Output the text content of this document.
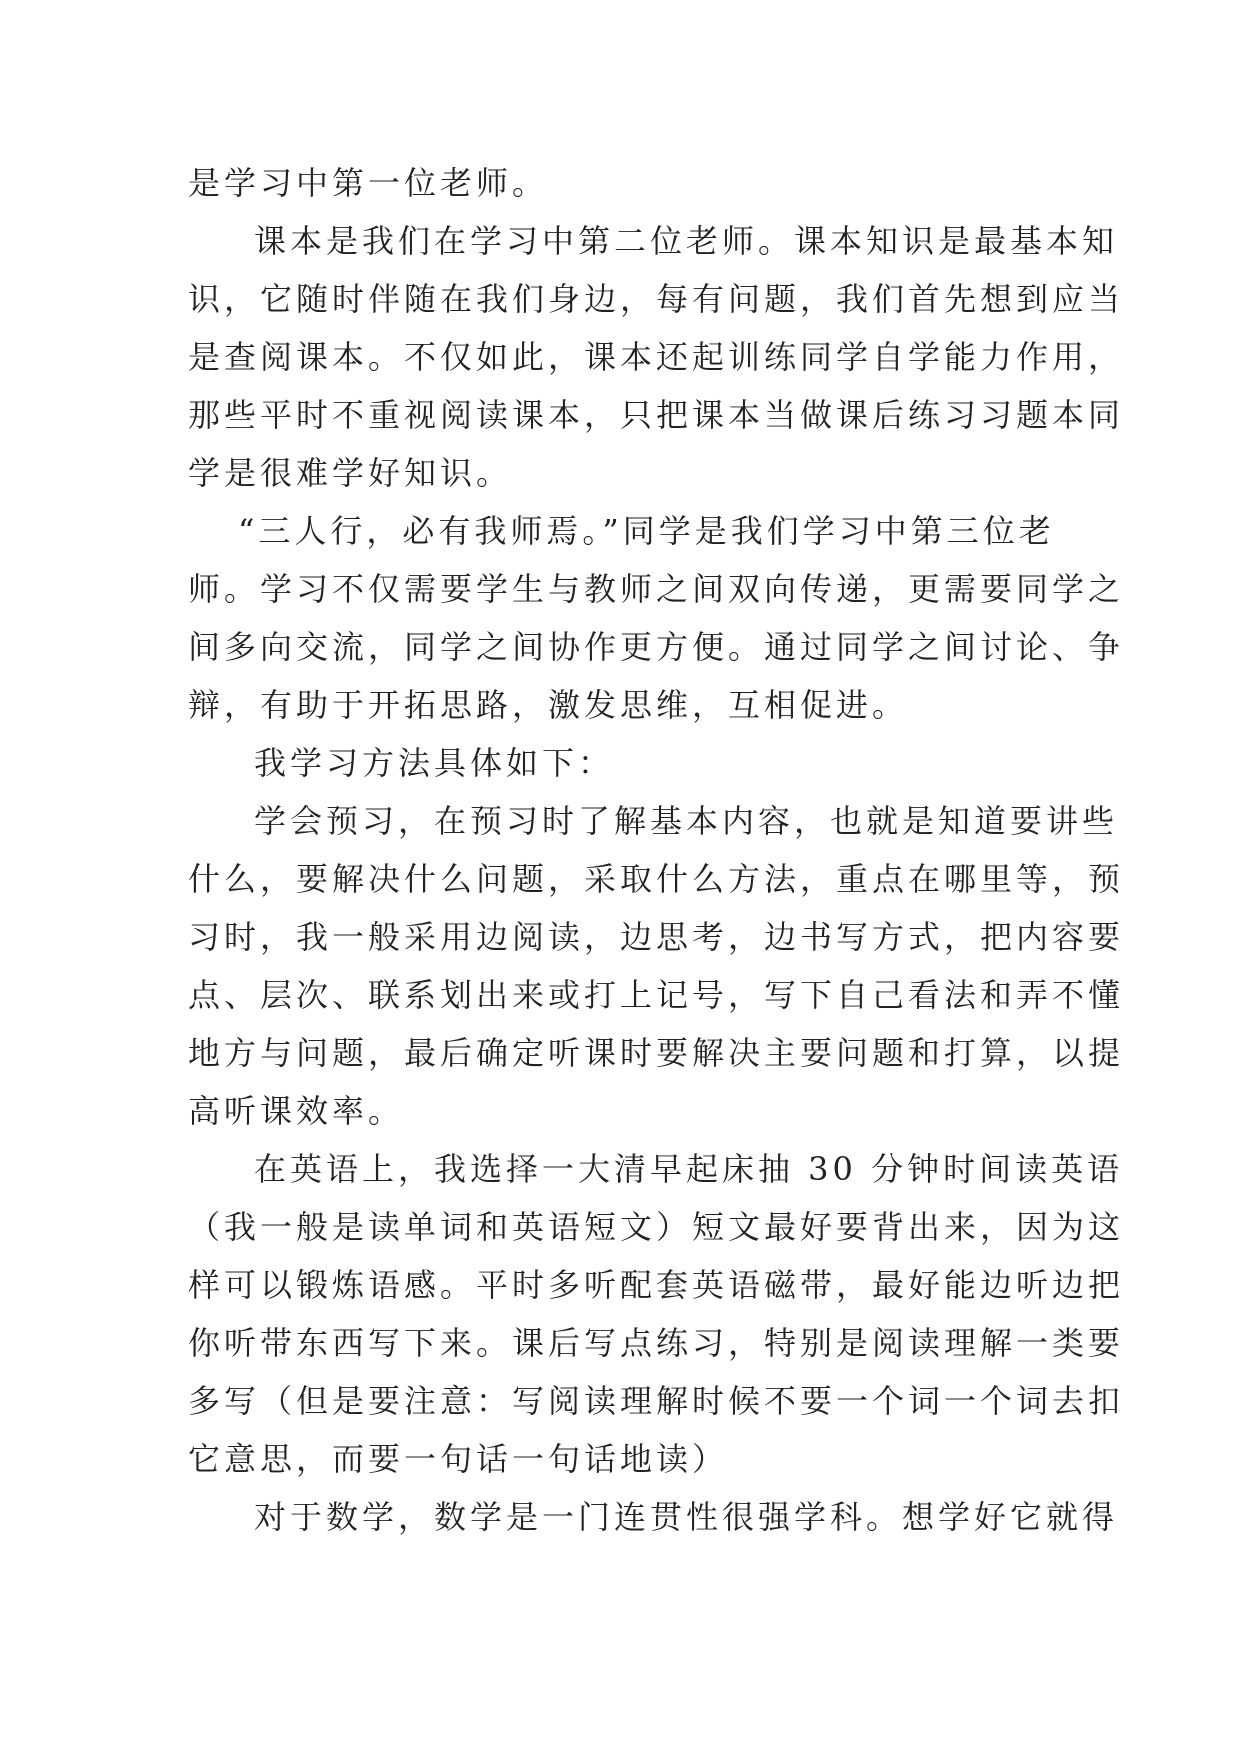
是学习中第一位老师。
课本是我们在学习中第二位老师。课本知识是最基本知
识，它随时伴随在我们身边，每有问题，我们首先想到应当
是查阅课本。不仅如此，课本还起训练同学自学能力作用，
那些平时不重视阅读课本，只把课本当做课后练习习题本同
学是很难学好知识。
“三人行，必有我师焉。”同学是我们学习中第三位老
师。学习不仅需要学生与教师之间双向传递，更需要同学之
间多向交流，同学之间协作更方便。通过同学之间讨论、争
辩，有助于开拓思路，激发思维，互相促进。
我学习方法具体如下：
学会预习，在预习时了解基本内容，也就是知道要讲些
什么，要解决什么问题，采取什么方法，重点在哪里等，预
习时，我一般采用边阅读，边思考，边书写方式，把内容要
点、层次、联系划出来或打上记号，写下自己看法和弄不懂
地方与问题，最后确定听课时要解决主要问题和打算，以提
高听课效率。
在英语上，我选择一大清早起床抽 30 分钟时间读英语
（我一般是读单词和英语短文）短文最好要背出来，因为这
样可以锻炼语感。平时多听配套英语磁带，最好能边听边把
你听带东西写下来。课后写点练习，特别是阅读理解一类要
多写（但是要注意：写阅读理解时候不要一个词一个词去扣
它意思，而要一句话一句话地读）
对于数学，数学是一门连贯性很强学科。想学好它就得
